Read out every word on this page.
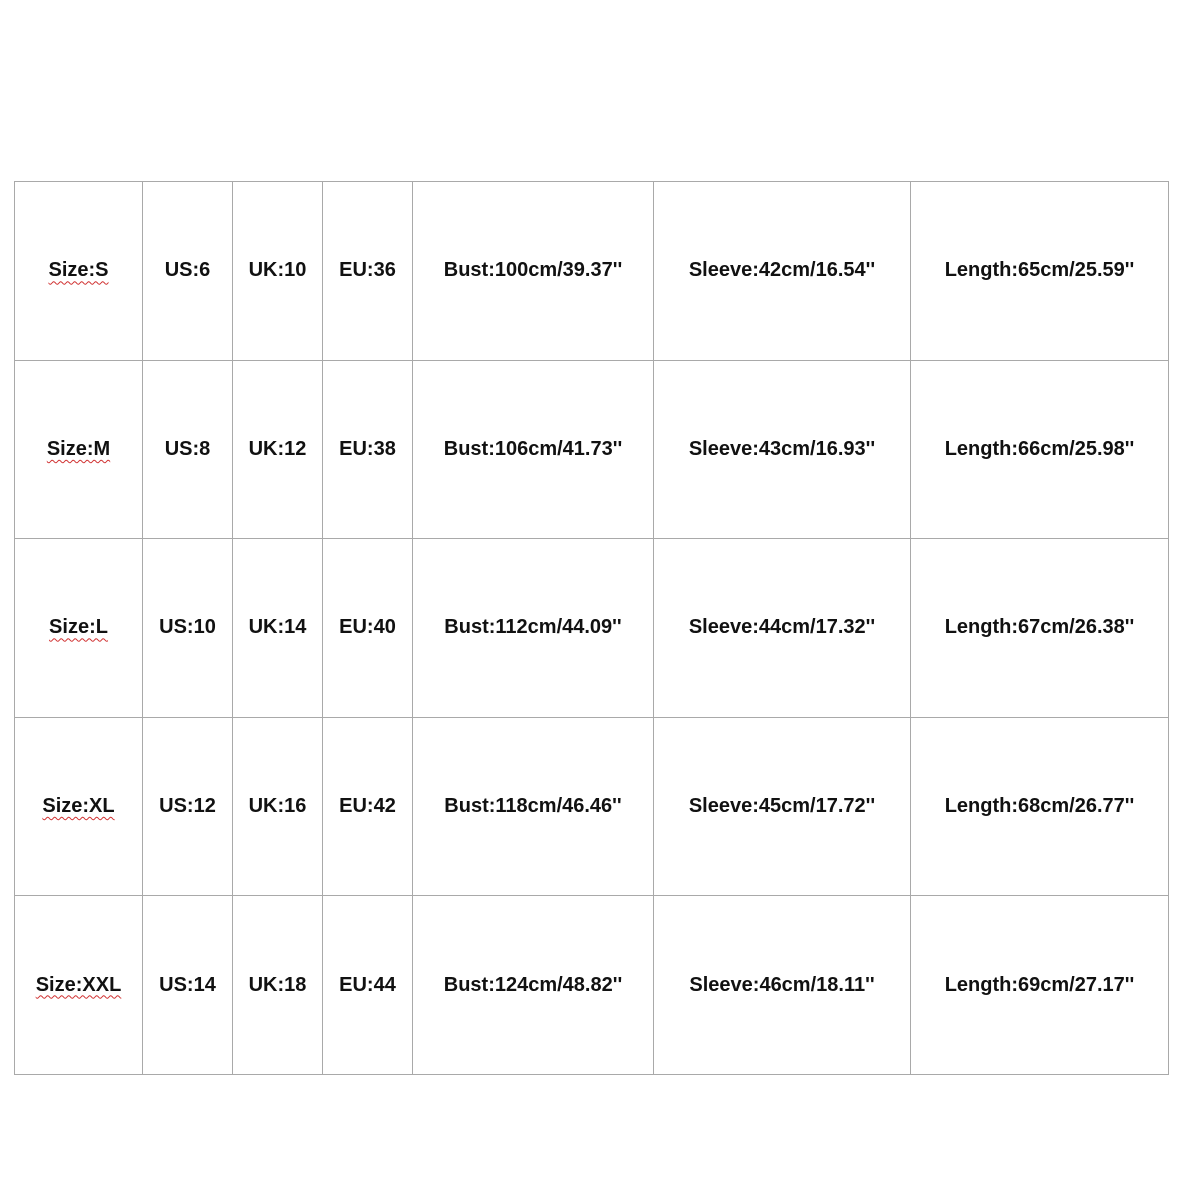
Size:S	US:6	UK:10	EU:36	Bust:100cm/39.37''	Sleeve:42cm/16.54''	Length:65cm/25.59''
Size:M	US:8	UK:12	EU:38	Bust:106cm/41.73''	Sleeve:43cm/16.93''	Length:66cm/25.98''
Size:L	US:10	UK:14	EU:40	Bust:112cm/44.09''	Sleeve:44cm/17.32''	Length:67cm/26.38''
Size:XL	US:12	UK:16	EU:42	Bust:118cm/46.46''	Sleeve:45cm/17.72''	Length:68cm/26.77''
Size:XXL	US:14	UK:18	EU:44	Bust:124cm/48.82''	Sleeve:46cm/18.11''	Length:69cm/27.17''
